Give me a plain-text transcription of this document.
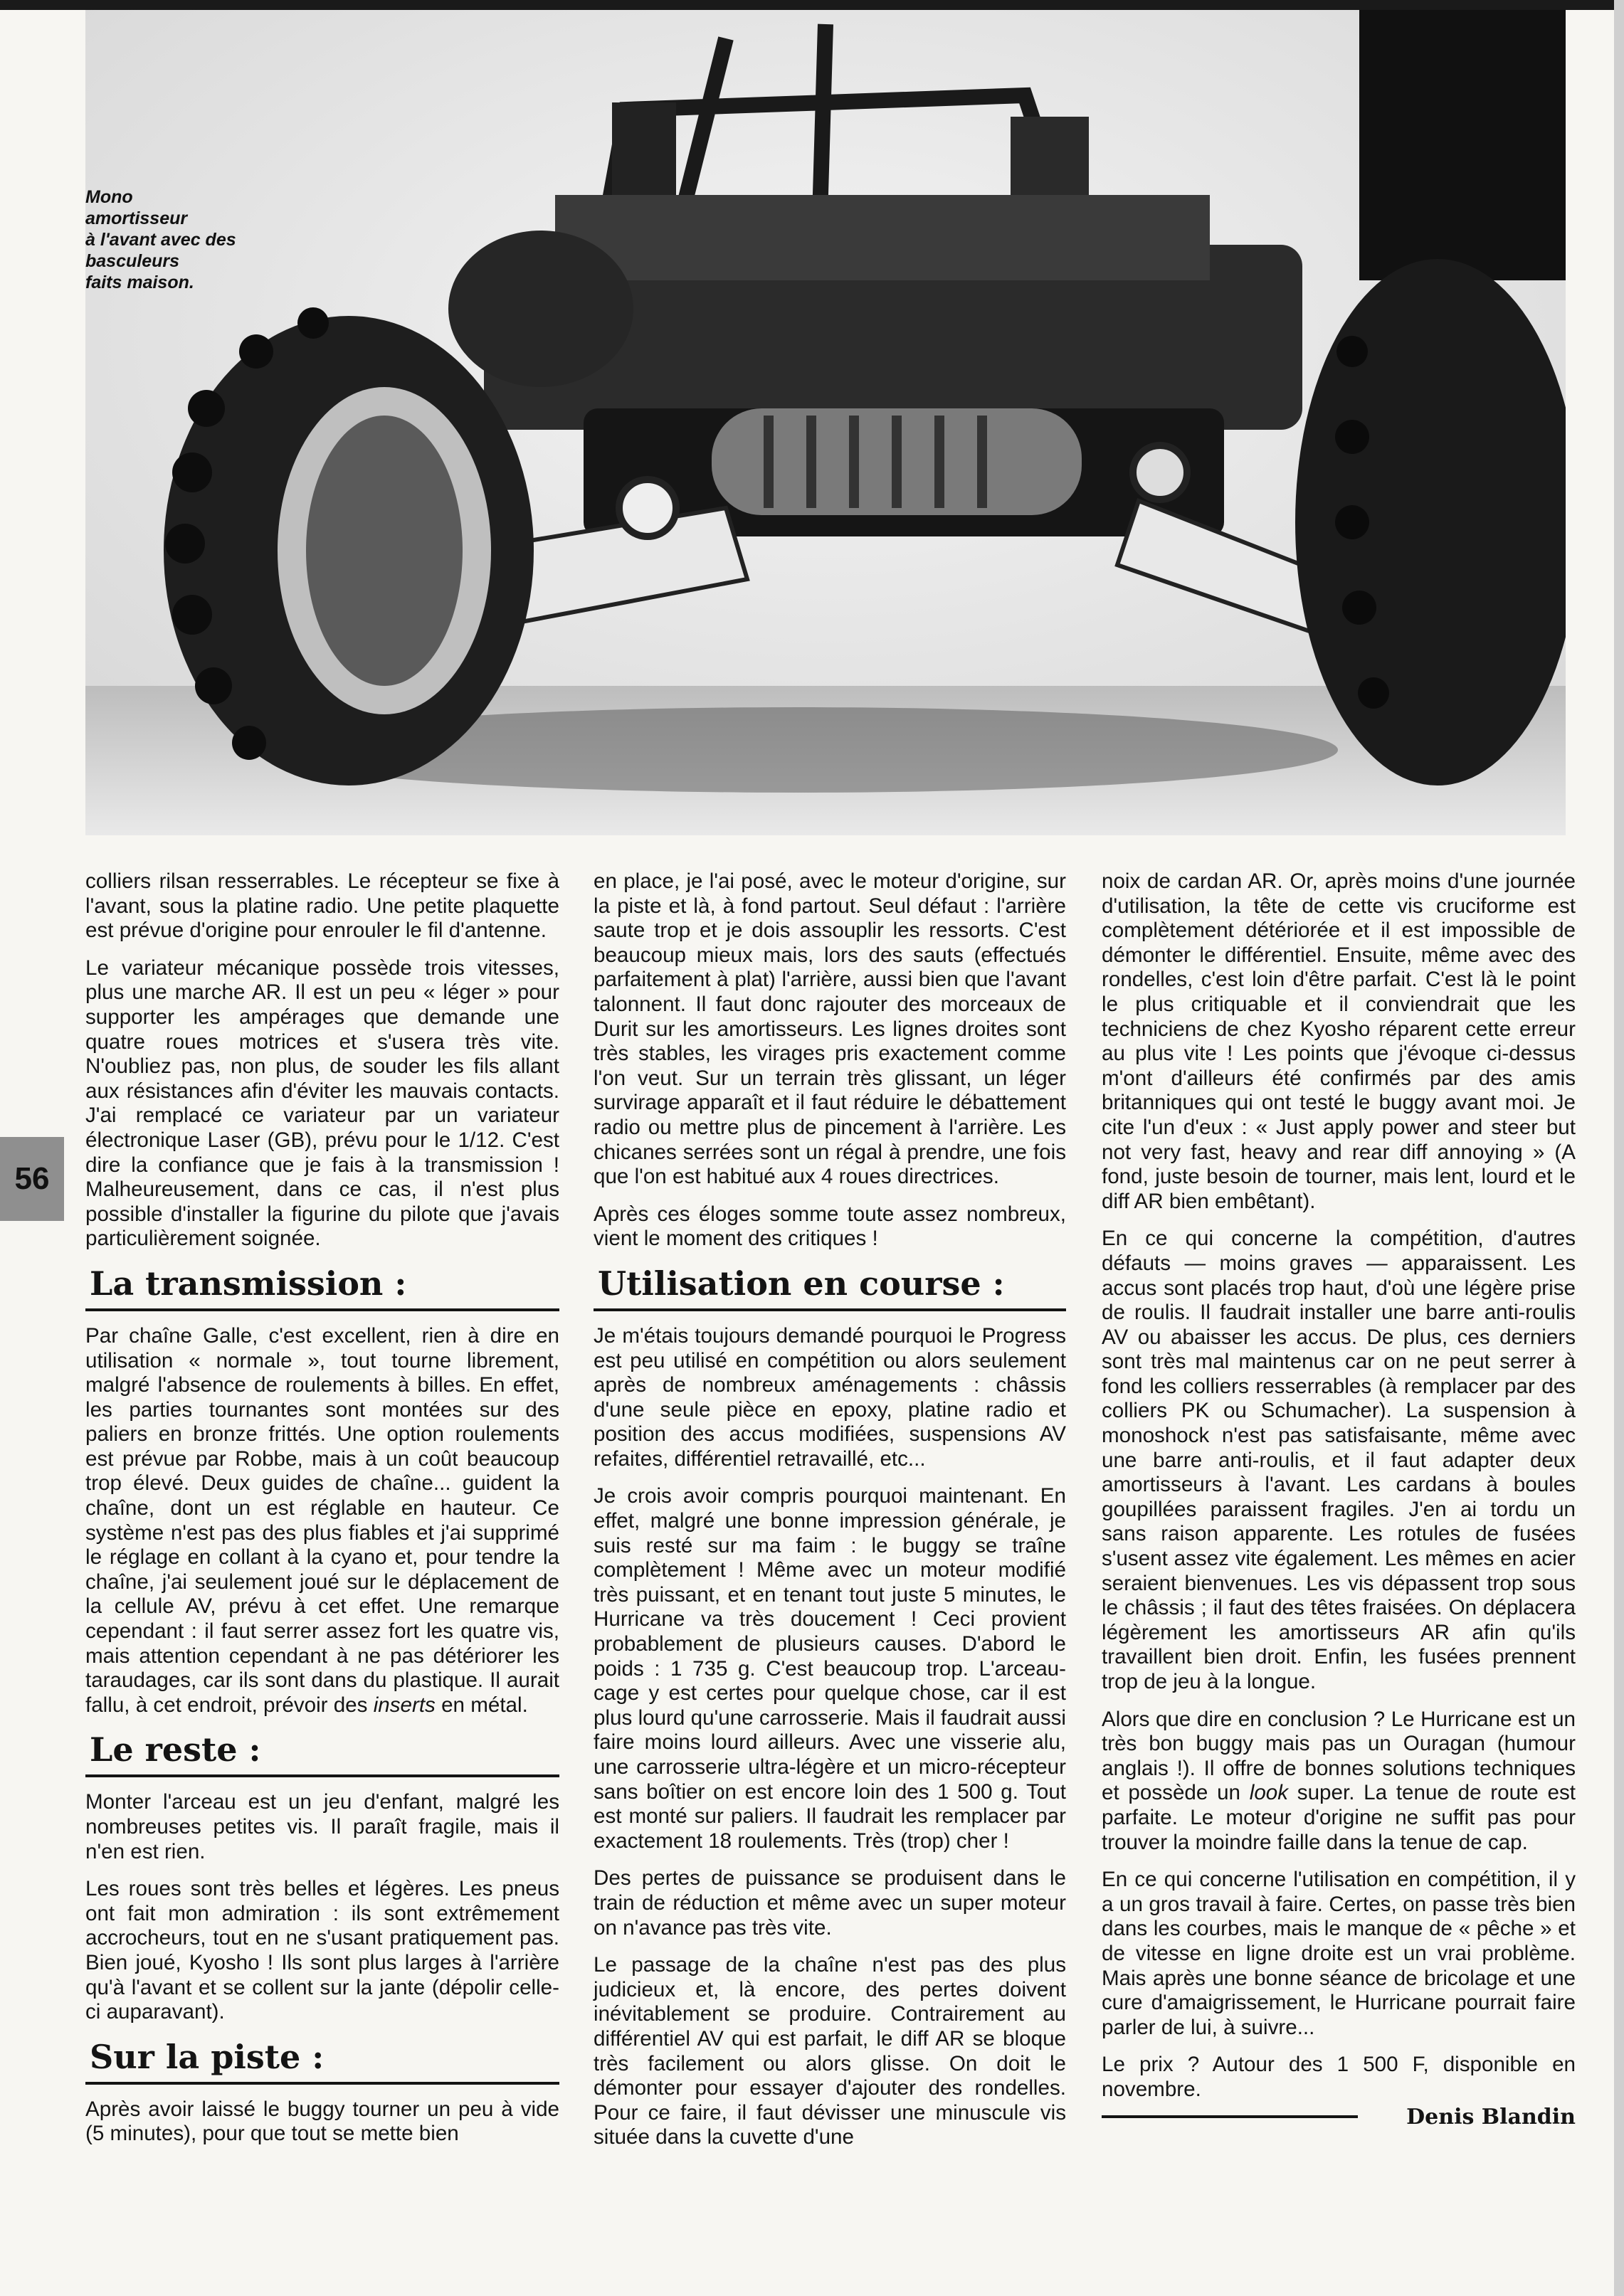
Mono
amortisseur
à l'avant avec des
basculeurs
faits maison.
56

colliers rilsan resserrables. Le récepteur se fixe à l'avant, sous la platine radio. Une petite plaquette est prévue d'origine pour enrouler le fil d'antenne.

Le variateur mécanique possède trois vitesses, plus une marche AR. Il est un peu « léger » pour supporter les ampérages que demande une quatre roues motrices et s'usera très vite. N'oubliez pas, non plus, de souder les fils allant aux résistances afin d'éviter les mauvais contacts. J'ai remplacé ce variateur par un variateur électronique Laser (GB), prévu pour le 1/12. C'est dire la confiance que je fais à la transmission ! Malheureusement, dans ce cas, il n'est plus possible d'installer la figurine du pilote que j'avais particulièrement soignée.

La transmission :

Par chaîne Galle, c'est excellent, rien à dire en utilisation « normale », tout tourne librement, malgré l'absence de roulements à billes. En effet, les parties tournantes sont montées sur des paliers en bronze frittés. Une option roulements est prévue par Robbe, mais à un coût beaucoup trop élevé. Deux guides de chaîne... guident la chaîne, dont un est réglable en hauteur. Ce système n'est pas des plus fiables et j'ai supprimé le réglage en collant à la cyano et, pour tendre la chaîne, j'ai seulement joué sur le déplacement de la cellule AV, prévu à cet effet. Une remarque cependant : il faut serrer assez fort les quatre vis, mais attention cependant à ne pas détériorer les taraudages, car ils sont dans du plastique. Il aurait fallu, à cet endroit, prévoir des inserts en métal.

Le reste :

Monter l'arceau est un jeu d'enfant, malgré les nombreuses petites vis. Il paraît fragile, mais il n'en est rien.

Les roues sont très belles et légères. Les pneus ont fait mon admiration : ils sont extrêmement accrocheurs, tout en ne s'usant pratiquement pas. Bien joué, Kyosho ! Ils sont plus larges à l'arrière qu'à l'avant et se collent sur la jante (dépolir celle-ci auparavant).

Sur la piste :

Après avoir laissé le buggy tourner un peu à vide (5 minutes), pour que tout se mette bien

en place, je l'ai posé, avec le moteur d'origine, sur la piste et là, à fond partout. Seul défaut : l'arrière saute trop et je dois assouplir les ressorts. C'est beaucoup mieux mais, lors des sauts (effectués parfaitement à plat) l'arrière, aussi bien que l'avant talonnent. Il faut donc rajouter des morceaux de Durit sur les amortisseurs. Les lignes droites sont très stables, les virages pris exactement comme l'on veut. Sur un terrain très glissant, un léger survirage apparaît et il faut réduire le débattement radio ou mettre plus de pincement à l'arrière. Les chicanes serrées sont un régal à prendre, une fois que l'on est habitué aux 4 roues directrices.

Après ces éloges somme toute assez nombreux, vient le moment des critiques !

Utilisation en course :

Je m'étais toujours demandé pourquoi le Progress est peu utilisé en compétition ou alors seulement après de nombreux aménagements : châssis d'une seule pièce en epoxy, platine radio et position des accus modifiées, suspensions AV refaites, différentiel retravaillé, etc...

Je crois avoir compris pourquoi maintenant. En effet, malgré une bonne impression générale, je suis resté sur ma faim : le buggy se traîne complètement ! Même avec un moteur modifié très puissant, et en tenant tout juste 5 minutes, le Hurricane va très doucement ! Ceci provient probablement de plusieurs causes. D'abord le poids : 1 735 g. C'est beaucoup trop. L'arceau-cage y est certes pour quelque chose, car il est plus lourd qu'une carrosserie. Mais il faudrait aussi faire moins lourd ailleurs. Avec une visserie alu, une carrosserie ultra-légère et un micro-récepteur sans boîtier on est encore loin des 1 500 g. Tout est monté sur paliers. Il faudrait les remplacer par exactement 18 roulements. Très (trop) cher !

Des pertes de puissance se produisent dans le train de réduction et même avec un super moteur on n'avance pas très vite.

Le passage de la chaîne n'est pas des plus judicieux et, là encore, des pertes doivent inévitablement se produire. Contrairement au différentiel AV qui est parfait, le diff AR se bloque très facilement ou alors glisse. On doit le démonter pour essayer d'ajouter des rondelles. Pour ce faire, il faut dévisser une minuscule vis située dans la cuvette d'une

noix de cardan AR. Or, après moins d'une journée d'utilisation, la tête de cette vis cruciforme est complètement détériorée et il est impossible de démonter le différentiel. Ensuite, même avec des rondelles, c'est loin d'être parfait. C'est là le point le plus critiquable et il conviendrait que les techniciens de chez Kyosho réparent cette erreur au plus vite ! Les points que j'évoque ci-dessus m'ont d'ailleurs été confirmés par des amis britanniques qui ont testé le buggy avant moi. Je cite l'un d'eux : « Just apply power and steer but not very fast, heavy and rear diff annoying » (A fond, juste besoin de tourner, mais lent, lourd et le diff AR bien embêtant).

En ce qui concerne la compétition, d'autres défauts — moins graves — apparaissent. Les accus sont placés trop haut, d'où une légère prise de roulis. Il faudrait installer une barre anti-roulis AV ou abaisser les accus. De plus, ces derniers sont très mal maintenus car on ne peut serrer à fond les colliers resserrables (à remplacer par des colliers PK ou Schumacher). La suspension à monoshock n'est pas satisfaisante, même avec une barre anti-roulis, et il faut adapter deux amortisseurs à l'avant. Les cardans à boules goupillées paraissent fragiles. J'en ai tordu un sans raison apparente. Les rotules de fusées s'usent assez vite également. Les mêmes en acier seraient bienvenues. Les vis dépassent trop sous le châssis ; il faut des têtes fraisées. On déplacera légèrement les amortisseurs AR afin qu'ils travaillent bien droit. Enfin, les fusées prennent trop de jeu à la longue.

Alors que dire en conclusion ? Le Hurricane est un très bon buggy mais pas un Ouragan (humour anglais !). Il offre de bonnes solutions techniques et possède un look super. La tenue de route est parfaite. Le moteur d'origine ne suffit pas pour trouver la moindre faille dans la tenue de cap.

En ce qui concerne l'utilisation en compétition, il y a un gros travail à faire. Certes, on passe très bien dans les courbes, mais le manque de « pêche » et de vitesse en ligne droite est un vrai problème. Mais après une bonne séance de bricolage et une cure d'amaigrissement, le Hurricane pourrait faire parler de lui, à suivre...

Le prix ? Autour des 1 500 F, disponible en novembre.

Denis Blandin
